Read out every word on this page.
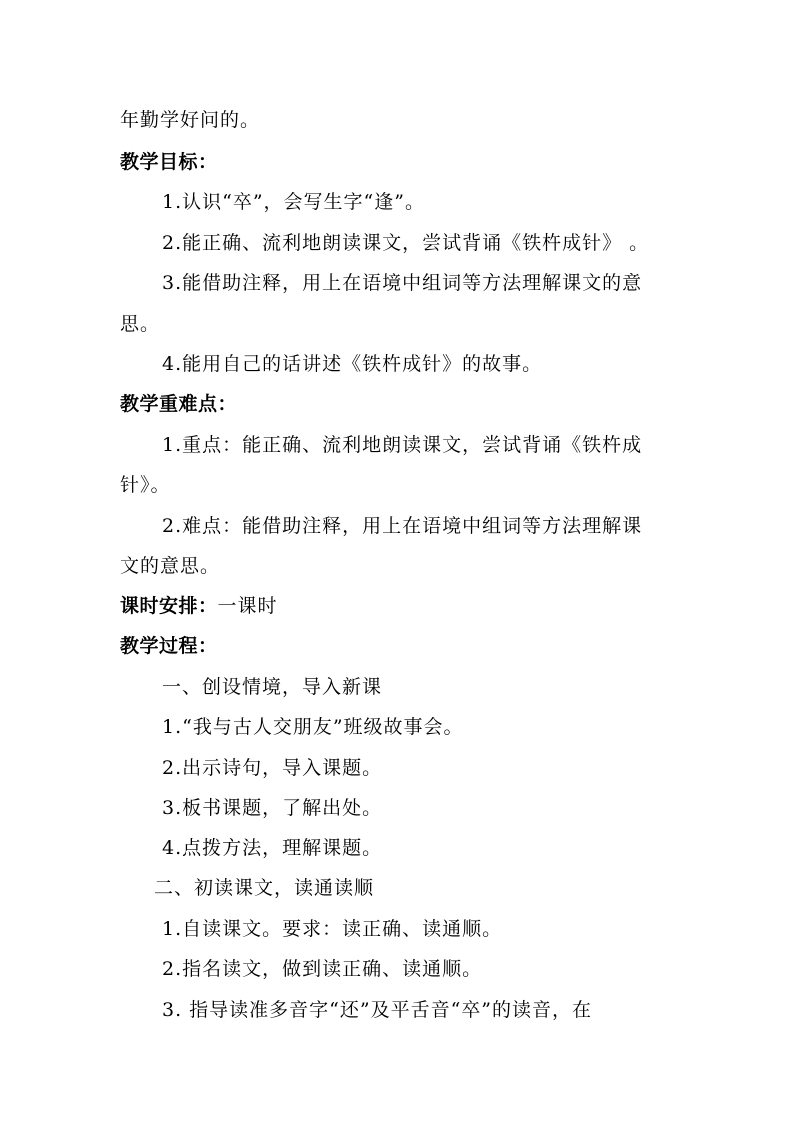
年勤学好问的。
教学目标：
1.认识“卒”，会写生字“逢”。
2.能正确、流利地朗读课文，尝试背诵《铁杵成针》 。
3.能借助注释，用上在语境中组词等方法理解课文的意
思。
4.能用自己的话讲述《铁杵成针》的故事。
教学重难点：
1.重点：能正确、流利地朗读课文，尝试背诵《铁杵成
针》。
2.难点：能借助注释，用上在语境中组词等方法理解课
文的意思。
课时安排：一课时
教学过程：
一、创设情境，导入新课
1.“我与古人交朋友”班级故事会。
2.出示诗句，导入课题。
3.板书课题，了解出处。
4.点拨方法，理解课题。
二、初读课文，读通读顺
1.自读课文。要求：读正确、读通顺。
2.指名读文，做到读正确、读通顺。
3. 指导读准多音字“还”及平舌音“卒”的读音，在
